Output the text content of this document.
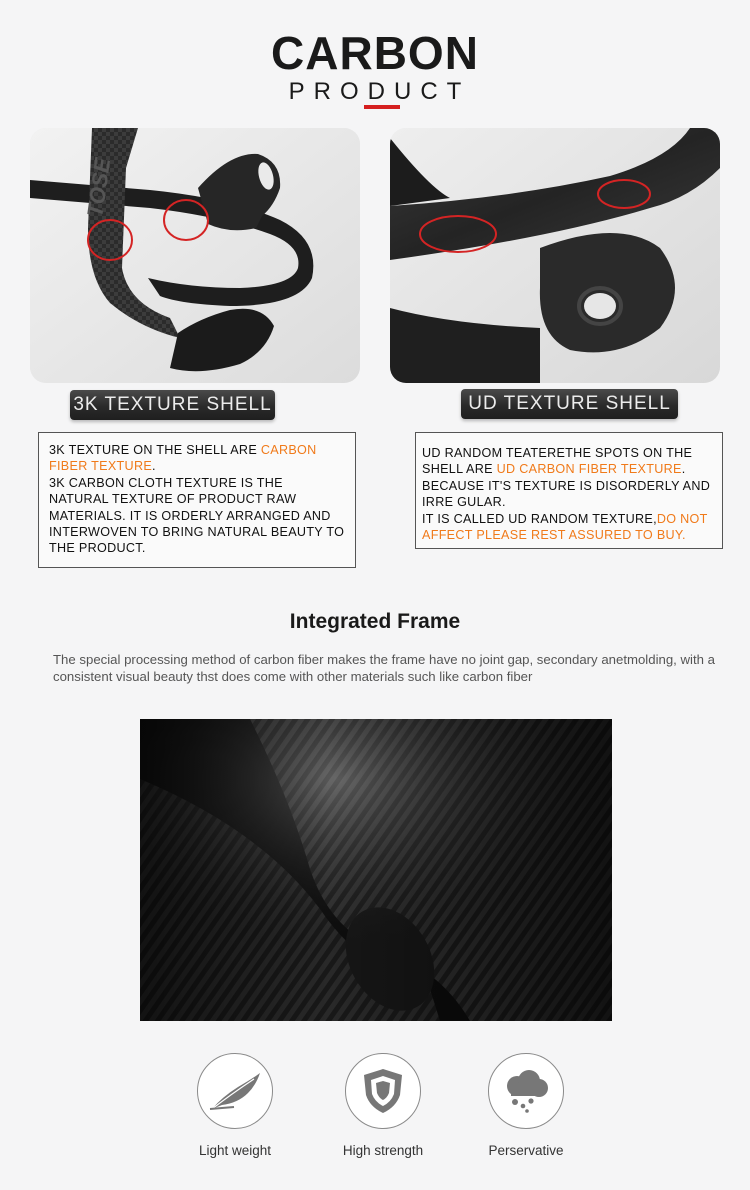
CARBON
PRODUCT
TOSE
3K TEXTURE SHELL	UD TEXTURE SHELL

3K TEXTURE ON THE SHELL ARE CARBON FIBER TEXTURE.

3K CARBON CLOTH TEXTURE IS THE NATURAL TEXTURE OF PRODUCT RAW MATERIALS. IT IS ORDERLY ARRANGED AND INTERWOVEN TO BRING NATURAL BEAUTY TO THE PRODUCT.

UD RANDOM TEATERETHE SPOTS ON THE SHELL ARE UD CARBON FIBER TEXTURE.

BECAUSE IT'S TEXTURE IS DISORDERLY AND IRRE GULAR.

IT IS CALLED UD RANDOM TEXTURE,DO NOT AFFECT PLEASE REST ASSURED TO BUY.

Integrated Frame
The special processing method of carbon fiber makes the frame have no joint gap, secondary anetmolding, with a consistent visual beauty thst does come with other materials such like carbon fiber
Light weight	High strength	Perservative
